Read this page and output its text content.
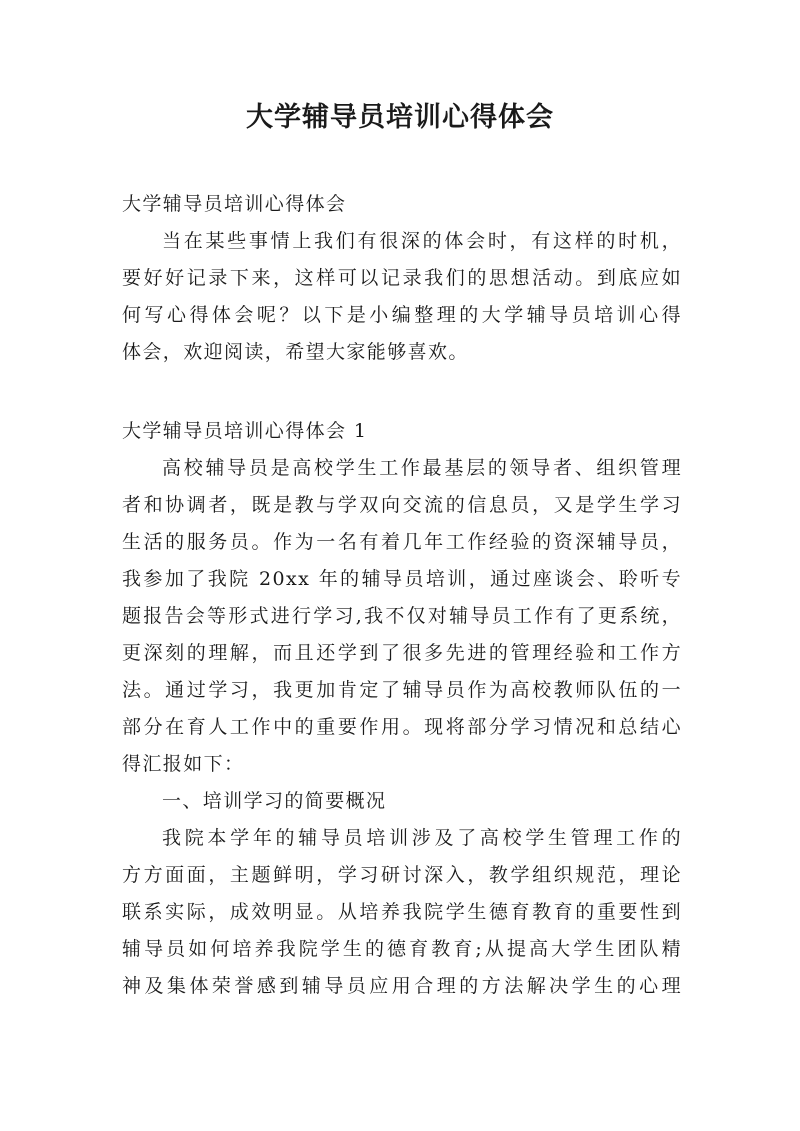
大学辅导员培训心得体会
大学辅导员培训心得体会
当在某些事情上我们有很深的体会时，有这样的时机，
要好好记录下来，这样可以记录我们的思想活动。到底应如
何写心得体会呢？以下是小编整理的大学辅导员培训心得
体会，欢迎阅读，希望大家能够喜欢。
大学辅导员培训心得体会 1
高校辅导员是高校学生工作最基层的领导者、组织管理
者和协调者，既是教与学双向交流的信息员，又是学生学习
生活的服务员。作为一名有着几年工作经验的资深辅导员，
我参加了我院 20xx 年的辅导员培训，通过座谈会、聆听专
题报告会等形式进行学习,我不仅对辅导员工作有了更系统，
更深刻的理解，而且还学到了很多先进的管理经验和工作方
法。通过学习，我更加肯定了辅导员作为高校教师队伍的一
部分在育人工作中的重要作用。现将部分学习情况和总结心
得汇报如下：
一、培训学习的简要概况
我院本学年的辅导员培训涉及了高校学生管理工作的
方方面面，主题鲜明，学习研讨深入，教学组织规范，理论
联系实际，成效明显。从培养我院学生德育教育的重要性到
辅导员如何培养我院学生的德育教育;从提高大学生团队精
神及集体荣誉感到辅导员应用合理的方法解决学生的心理
